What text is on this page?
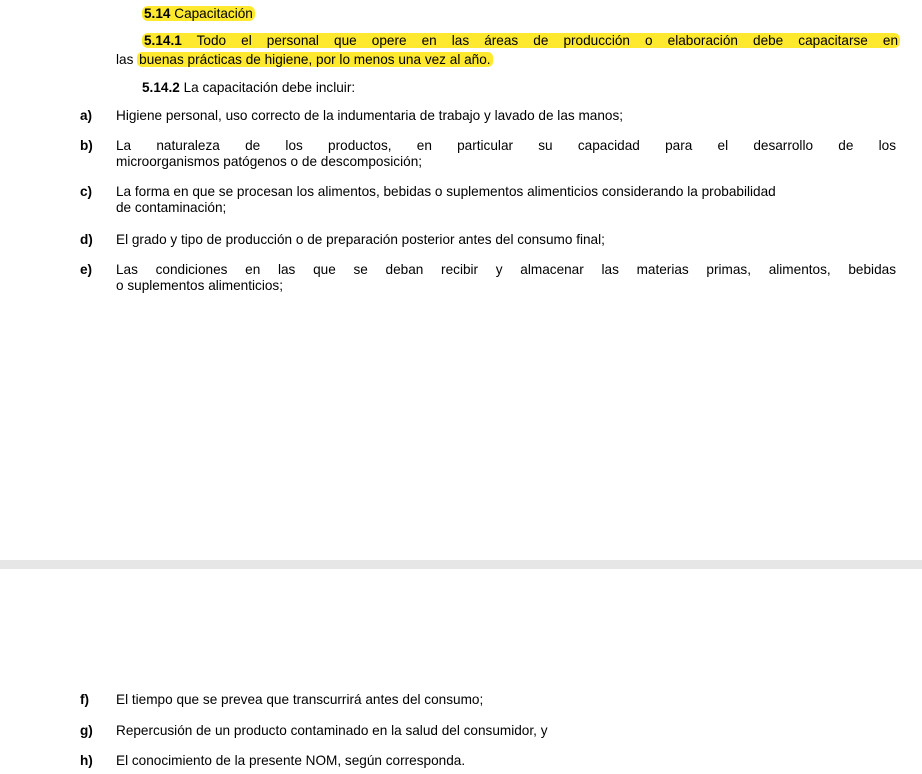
5.14 Capacitación
5.14.1 Todo el personal que opere en las áreas de producción o elaboración debe capacitarse en
las buenas prácticas de higiene, por lo menos una vez al año.
5.14.2 La capacitación debe incluir:
a) Higiene personal, uso correcto de la indumentaria de trabajo y lavado de las manos;
b) La naturaleza de los productos, en particular su capacidad para el desarrollo de los
microorganismos patógenos o de descomposición;
c) La forma en que se procesan los alimentos, bebidas o suplementos alimenticios considerando la probabilidad
de contaminación;
d) El grado y tipo de producción o de preparación posterior antes del consumo final;
e) Las condiciones en las que se deban recibir y almacenar las materias primas, alimentos, bebidas
o suplementos alimenticios;
f) El tiempo que se prevea que transcurrirá antes del consumo;
g) Repercusión de un producto contaminado en la salud del consumidor, y
h) El conocimiento de la presente NOM, según corresponda.
